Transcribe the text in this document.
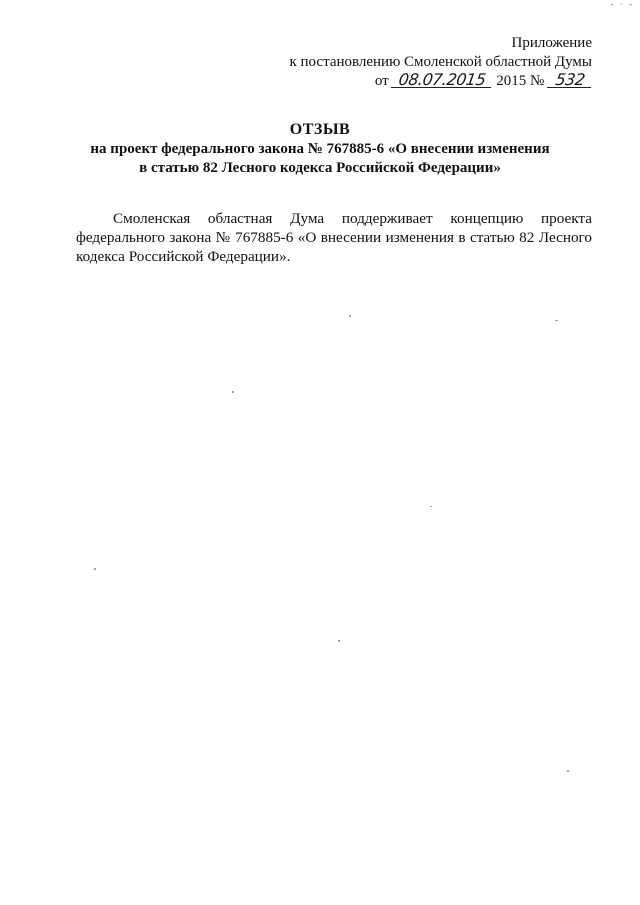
- · -
Приложение
к постановлению Смоленской областной Думы
от 08.07.2015 2015 № 532
ОТЗЫВ
на проект федерального закона № 767885-6 «О внесении изменения
в статью 82 Лесного кодекса Российской Федерации»
Смоленская областная Дума поддерживает концепцию проекта федерального закона № 767885-6 «О внесении изменения в статью 82 Лесного кодекса Российской Федерации».
